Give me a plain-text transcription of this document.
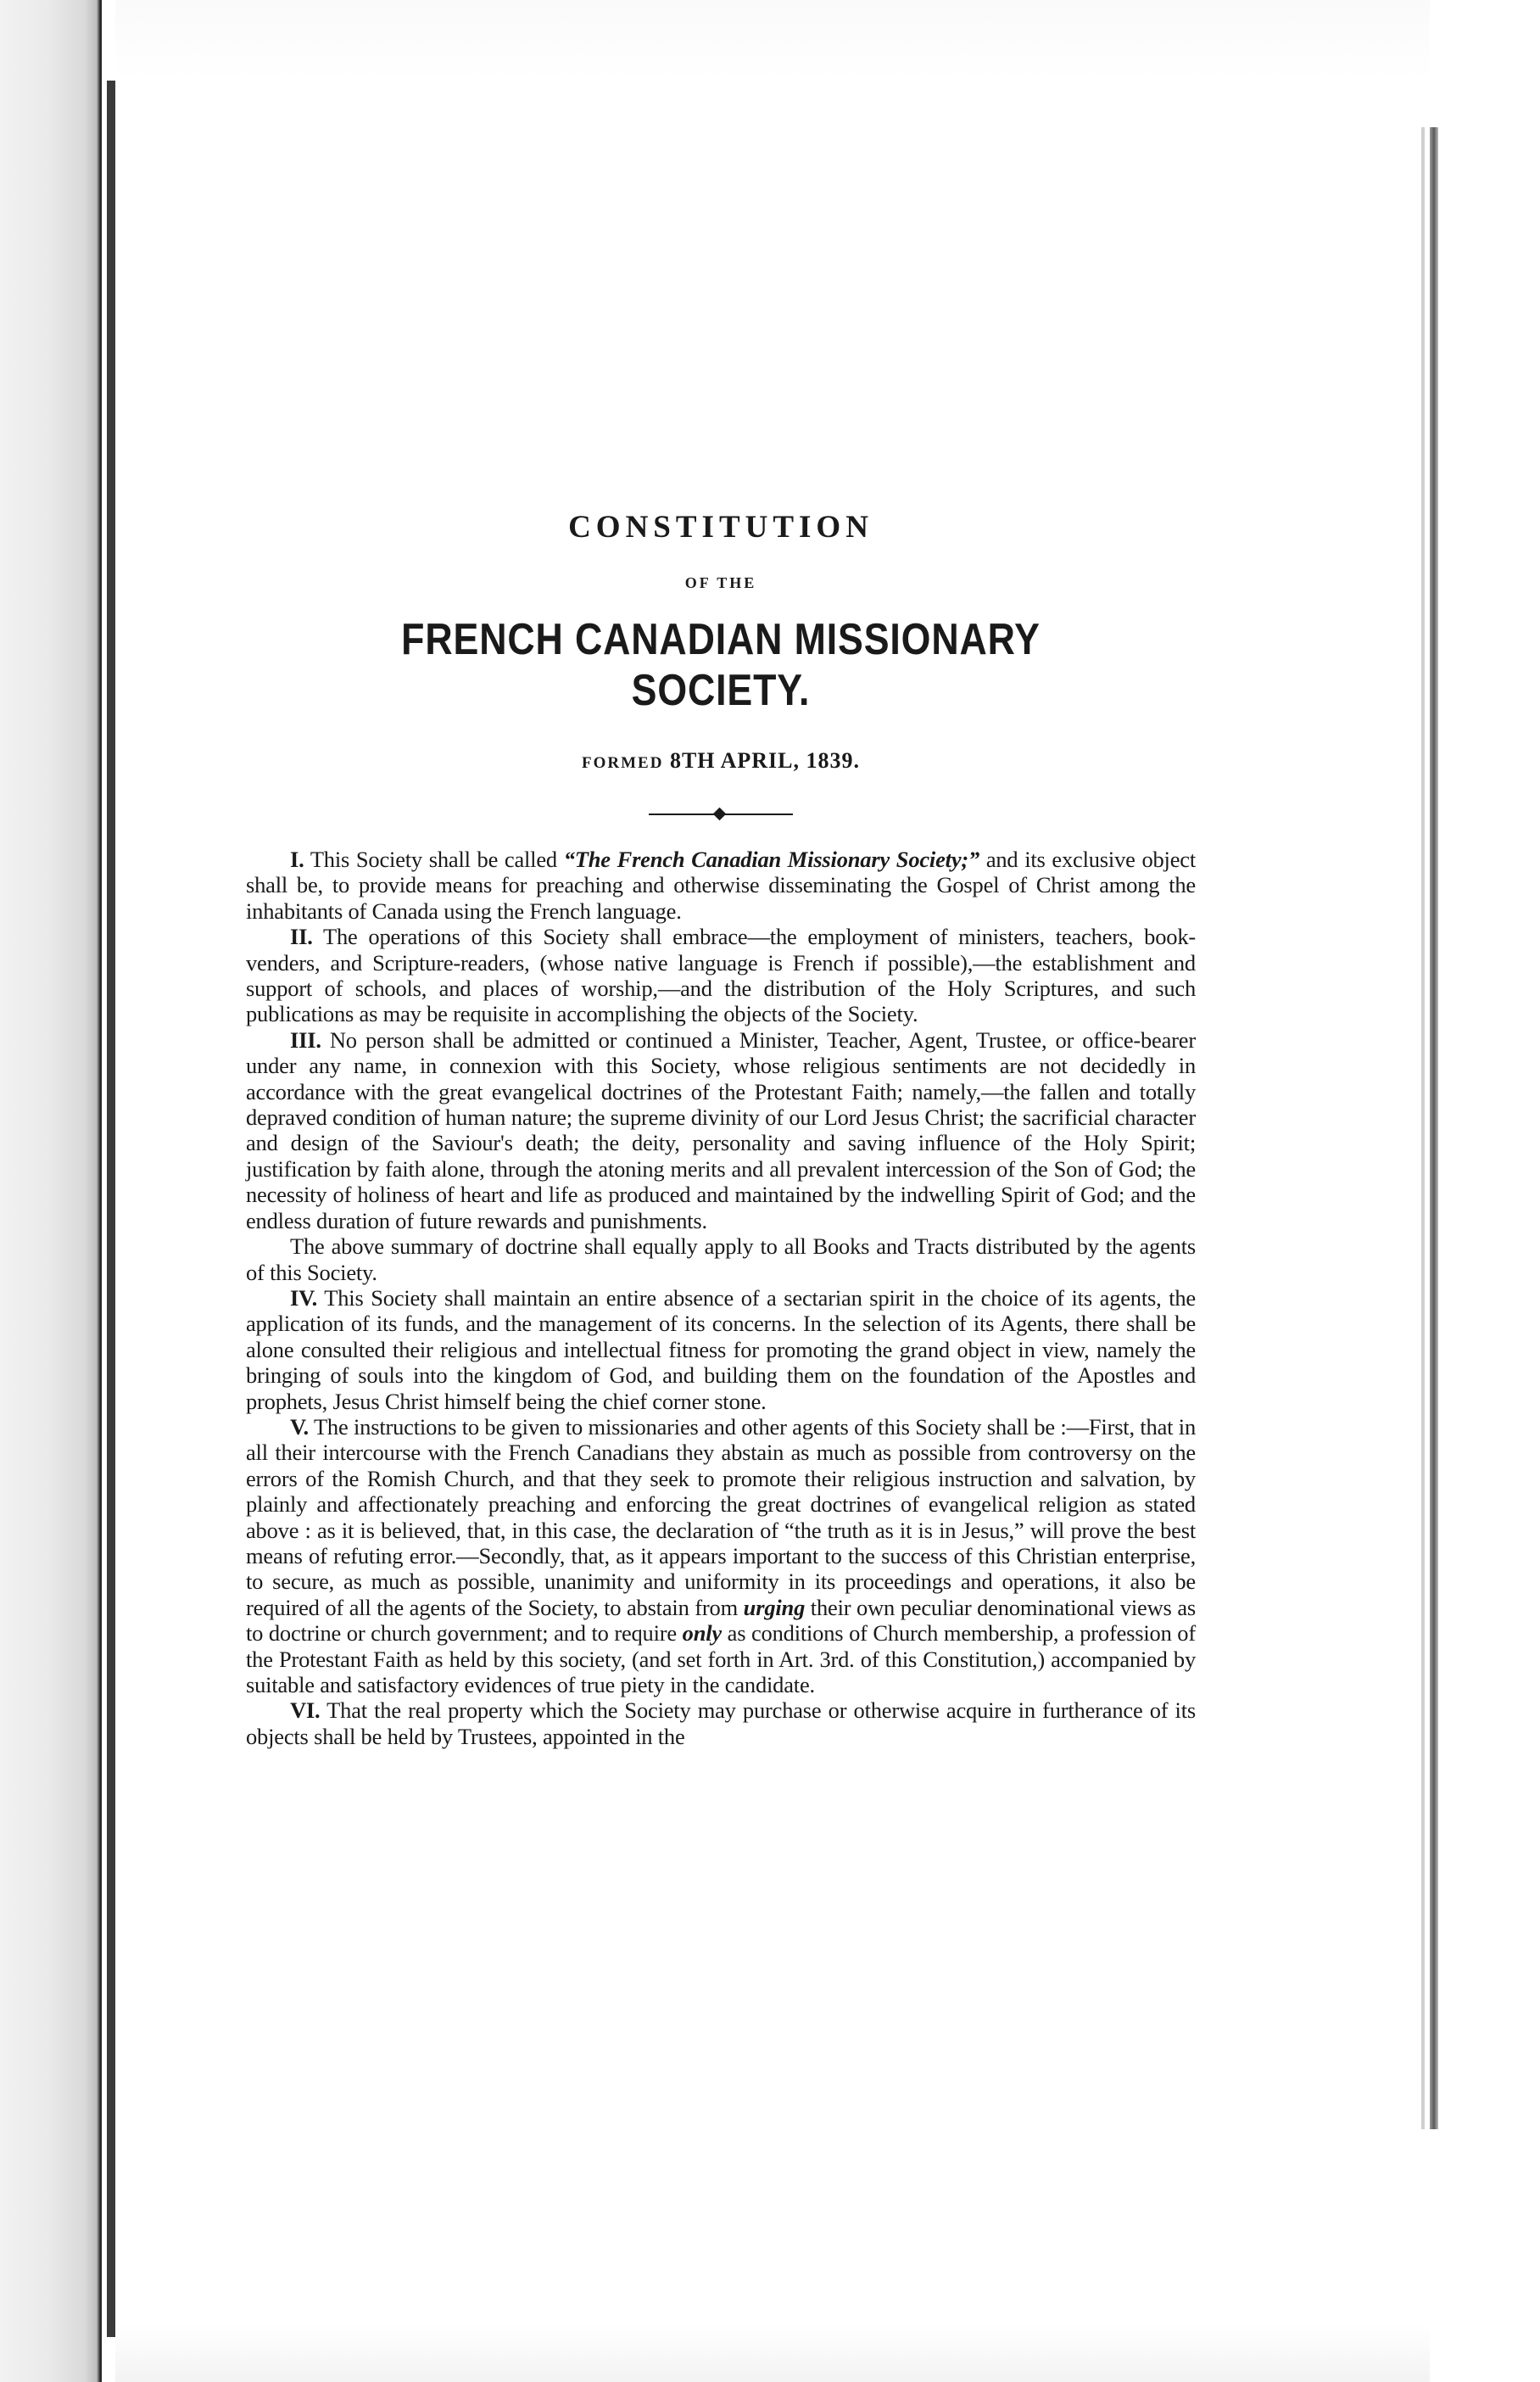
CONSTITUTION
OF THE
FRENCH CANADIAN MISSIONARY SOCIETY.
FORMED 8TH APRIL, 1839.

I. This Society shall be called “The French Canadian Missionary Society;” and its exclusive object shall be, to provide means for preaching and otherwise disseminating the Gospel of Christ among the inhabitants of Canada using the French language.

II. The operations of this Society shall embrace—the employment of ministers, teachers, book-venders, and Scripture-readers, (whose native language is French if possible),—the establishment and support of schools, and places of worship,—and the distribution of the Holy Scriptures, and such publications as may be requisite in accomplishing the objects of the Society.

III. No person shall be admitted or continued a Minister, Teacher, Agent, Trustee, or office-bearer under any name, in connexion with this Society, whose religious sentiments are not decidedly in accordance with the great evangelical doctrines of the Protestant Faith; namely,—the fallen and totally depraved condition of human nature; the supreme divinity of our Lord Jesus Christ; the sacrificial character and design of the Saviour's death; the deity, personality and saving influence of the Holy Spirit; justification by faith alone, through the atoning merits and all prevalent intercession of the Son of God; the necessity of holiness of heart and life as produced and maintained by the indwelling Spirit of God; and the endless duration of future rewards and punishments.

The above summary of doctrine shall equally apply to all Books and Tracts distributed by the agents of this Society.

IV. This Society shall maintain an entire absence of a sectarian spirit in the choice of its agents, the application of its funds, and the management of its concerns. In the selection of its Agents, there shall be alone consulted their religious and intellectual fitness for promoting the grand object in view, namely the bringing of souls into the kingdom of God, and building them on the foundation of the Apostles and prophets, Jesus Christ himself being the chief corner stone.

V. The instructions to be given to missionaries and other agents of this Society shall be :—First, that in all their intercourse with the French Canadians they abstain as much as possible from controversy on the errors of the Romish Church, and that they seek to promote their religious instruction and salvation, by plainly and affectionately preaching and enforcing the great doctrines of evangelical religion as stated above : as it is believed, that, in this case, the declaration of “the truth as it is in Jesus,” will prove the best means of refuting error.—Secondly, that, as it appears important to the success of this Christian enterprise, to secure, as much as possible, unanimity and uniformity in its proceedings and operations, it also be required of all the agents of the Society, to abstain from urging their own peculiar denominational views as to doctrine or church government; and to require only as conditions of Church membership, a profession of the Protestant Faith as held by this society, (and set forth in Art. 3rd. of this Constitution,) accompanied by suitable and satisfactory evidences of true piety in the candidate.

VI. That the real property which the Society may purchase or otherwise acquire in furtherance of its objects shall be held by Trustees, appointed in the
